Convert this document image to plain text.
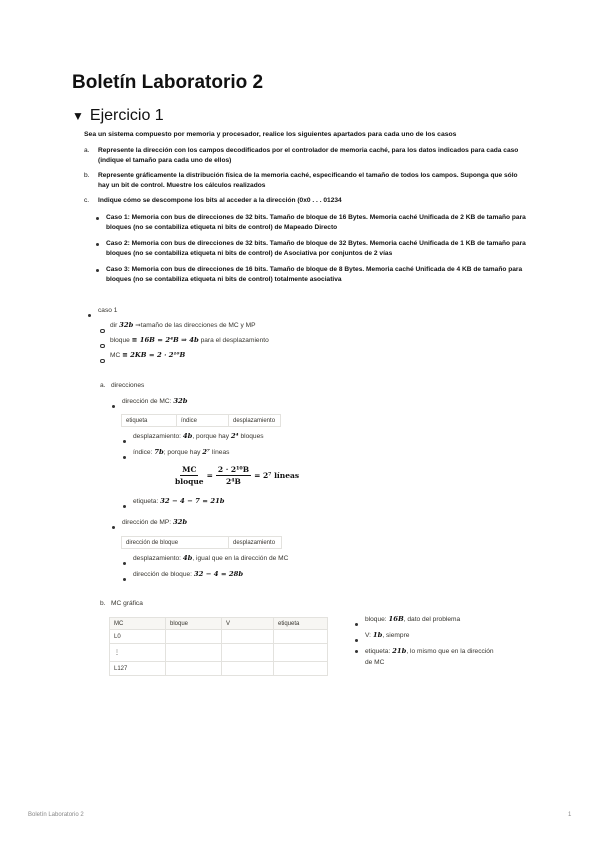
Boletín Laboratorio 2
▼ Ejercicio 1
Sea un sistema compuesto por memoria y procesador, realice los siguientes apartados para cada uno de los casos
a.	Represente la dirección con los campos decodificados por el controlador de memoria caché, para los datos indicados para cada caso (indique el tamaño para cada uno de ellos)
b.	Represente gráficamente la distribución física de la memoria caché, especificando el tamaño de todos los campos. Suponga que sólo hay un bit de control. Muestre los cálculos realizados
c.	Indique cómo se descompone los bits al acceder a la dirección (0x0 . . . 01234
Caso 1: Memoria con bus de direcciones de 32 bits. Tamaño de bloque de 16 Bytes. Memoria caché Unificada de 2 KB de tamaño para bloques (no se contabiliza etiqueta ni bits de control) de Mapeado Directo
Caso 2: Memoria con bus de direcciones de 32 bits. Tamaño de bloque de 32 Bytes. Memoria caché Unificada de 1 KB de tamaño para bloques (no se contabiliza etiqueta ni bits de control) de Asociativa por conjuntos de 2 vías
Caso 3: Memoria con bus de direcciones de 16 bits. Tamaño de bloque de 8 Bytes. Memoria caché Unificada de 4 KB de tamaño para bloques (no se contabiliza etiqueta ni bits de control) totalmente asociativa
caso 1
dir
32b
⇒tamaño de las direcciones de MC y MP
bloque
≡ 16B = 2⁴B ⇒ 4b
para el desplazamiento
MC
≡ 2KB = 2 · 2¹⁰B
a. direcciones
dirección de MC:
32b
etiqueta	índice	desplazamiento
desplazamiento:
4b , porque hay
2⁴
bloques
índice:
7b ; porque hay
2⁷
líneas
$\frac{MC}{\text{bloque}} = \frac{\text{2 · 2¹⁰B}}{\text{2⁴B}} = 2^7$ líneas
etiqueta:
32 − 4 − 7 = 21b
dirección de MP:
32b
dirección de bloque	desplazamiento
desplazamiento:
4b , igual que en la dirección de MC
dirección de bloque:
32 − 4 = 28b
b. MC gráfica
MC	bloque	V	etiqueta
L0			
⋮			
L127			
bloque:
16B , dato del problema
V:
1b , siempre
etiqueta: 21b, lo mismo que en la dirección de MC
Boletín Laboratorio 2	1
